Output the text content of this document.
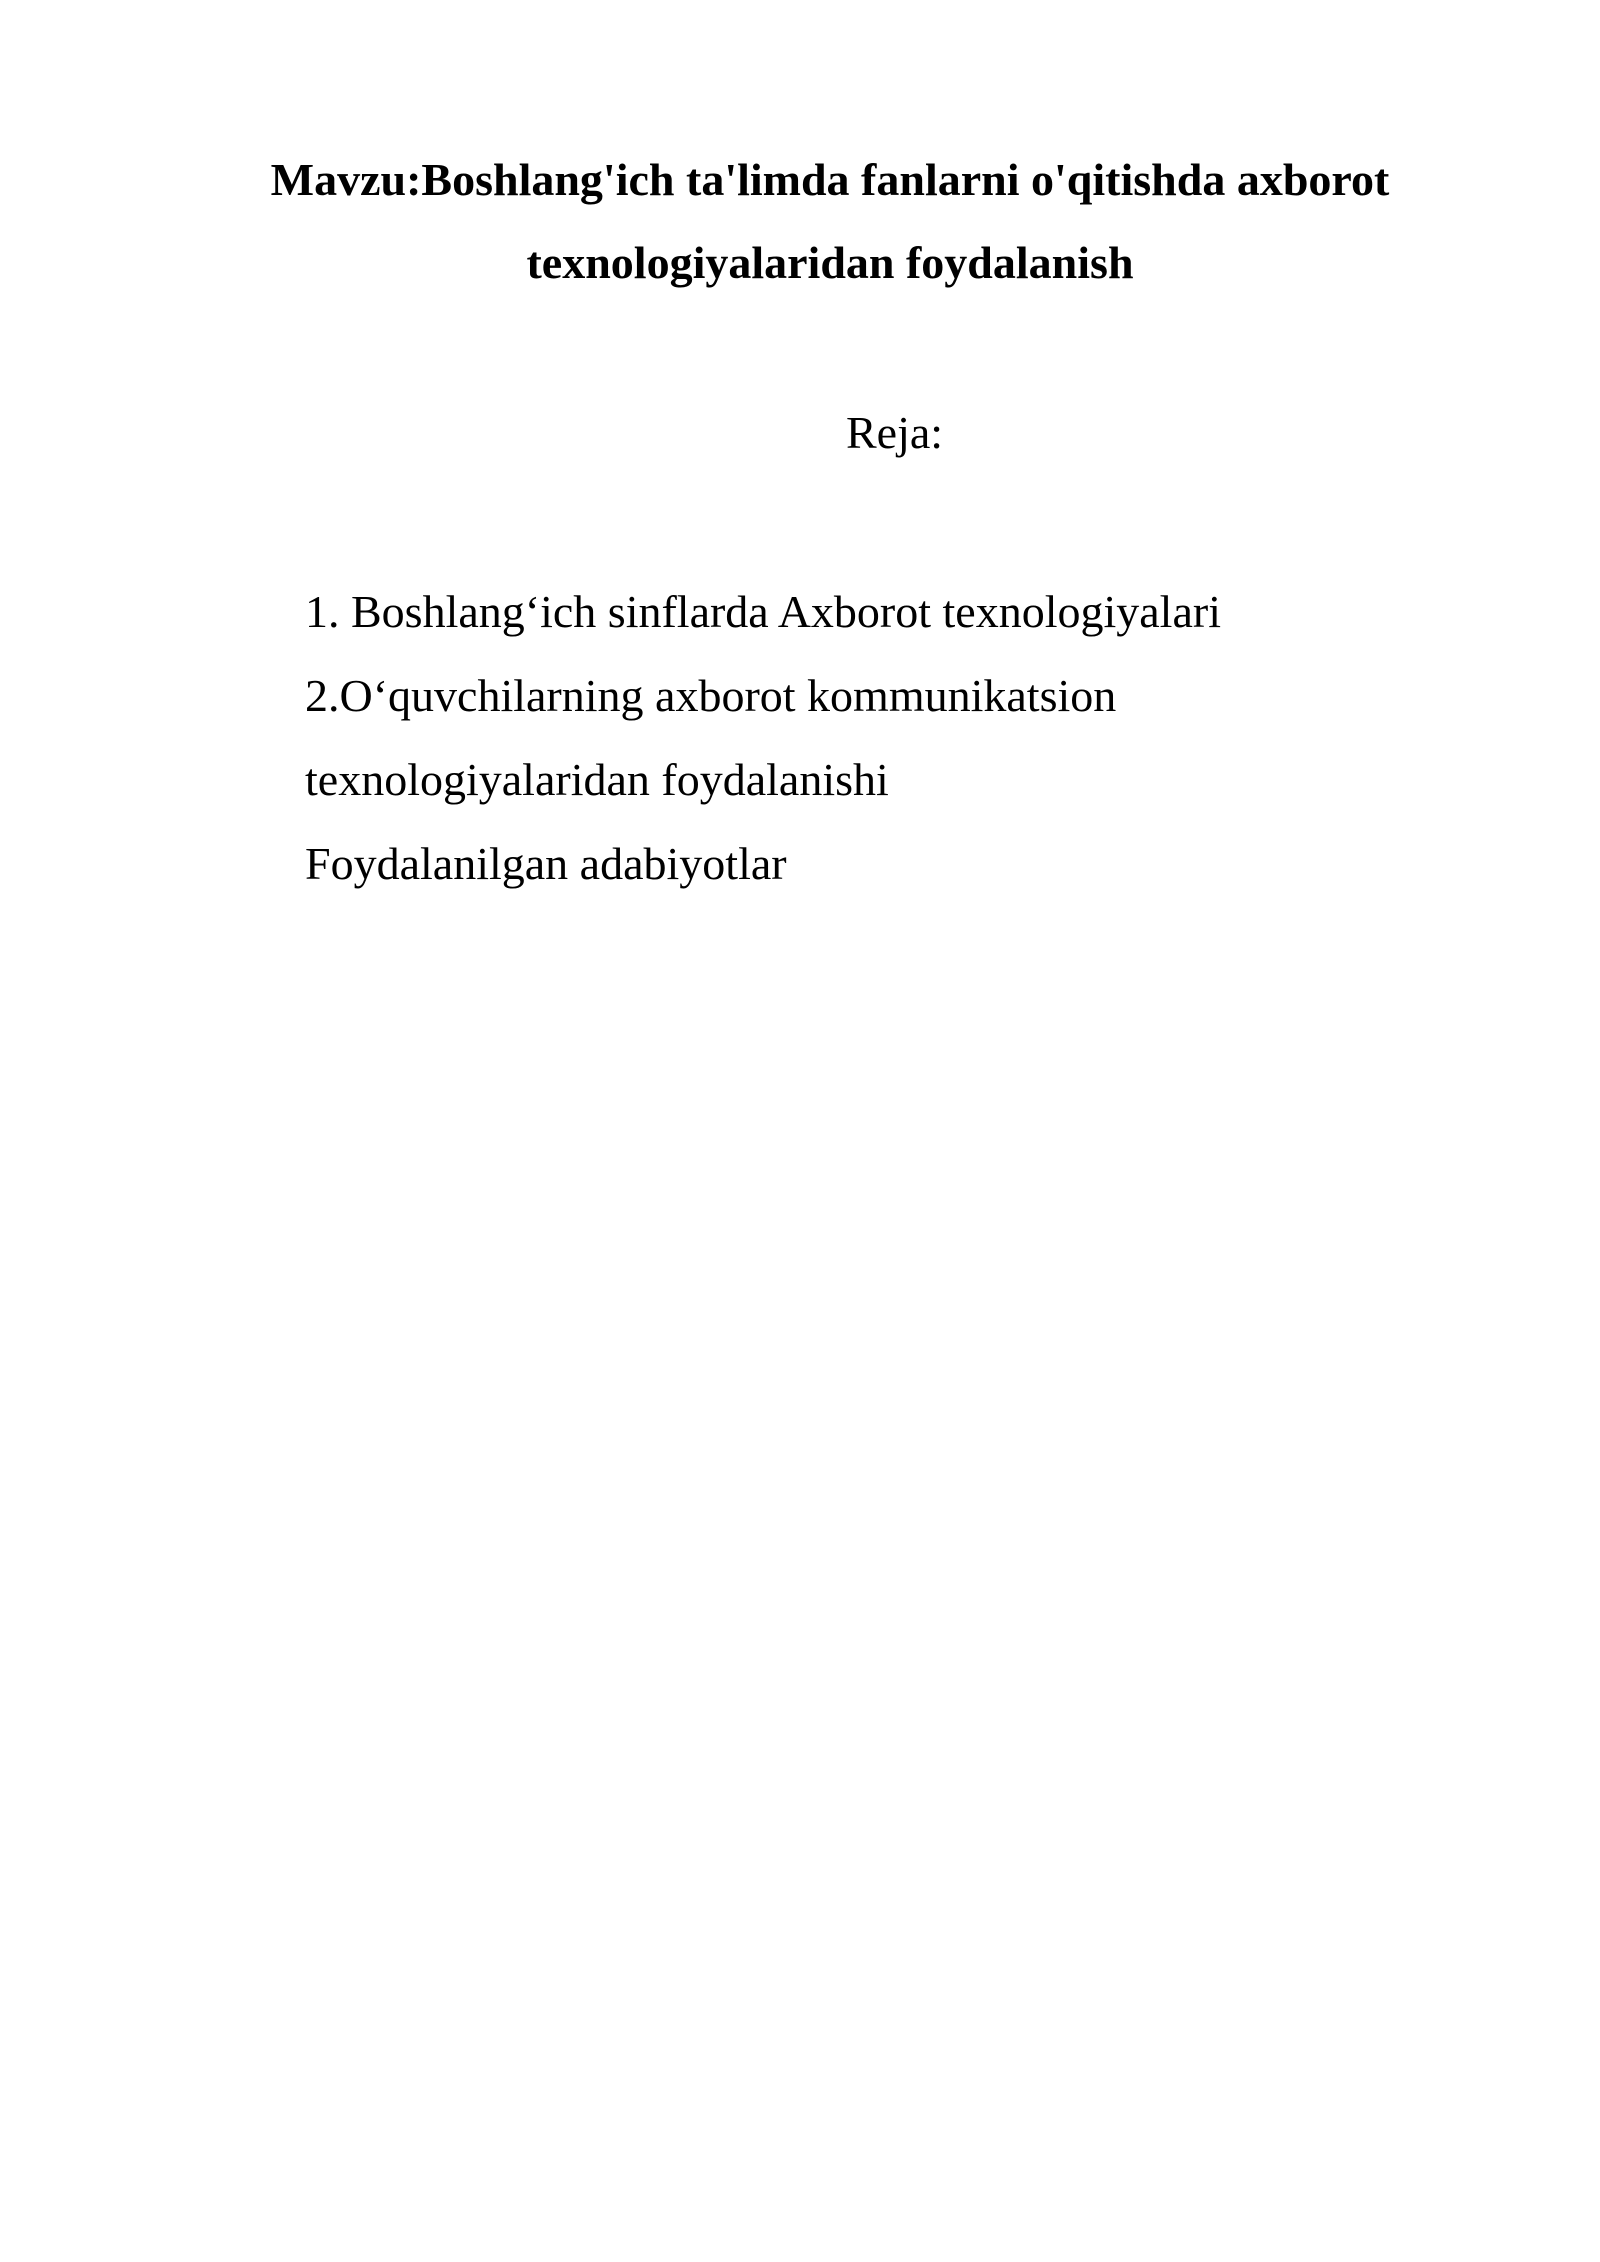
Mavzu:Boshlang'ich ta'limda fanlarni o'qitishda axborot
texnologiyalaridan foydalanish

Reja:

1. Boshlang‘ich sinflarda Axborot texnologiyalari
2.O‘quvchilarning axborot kommunikatsion
texnologiyalaridan foydalanishi
Foydalanilgan adabiyotlar
